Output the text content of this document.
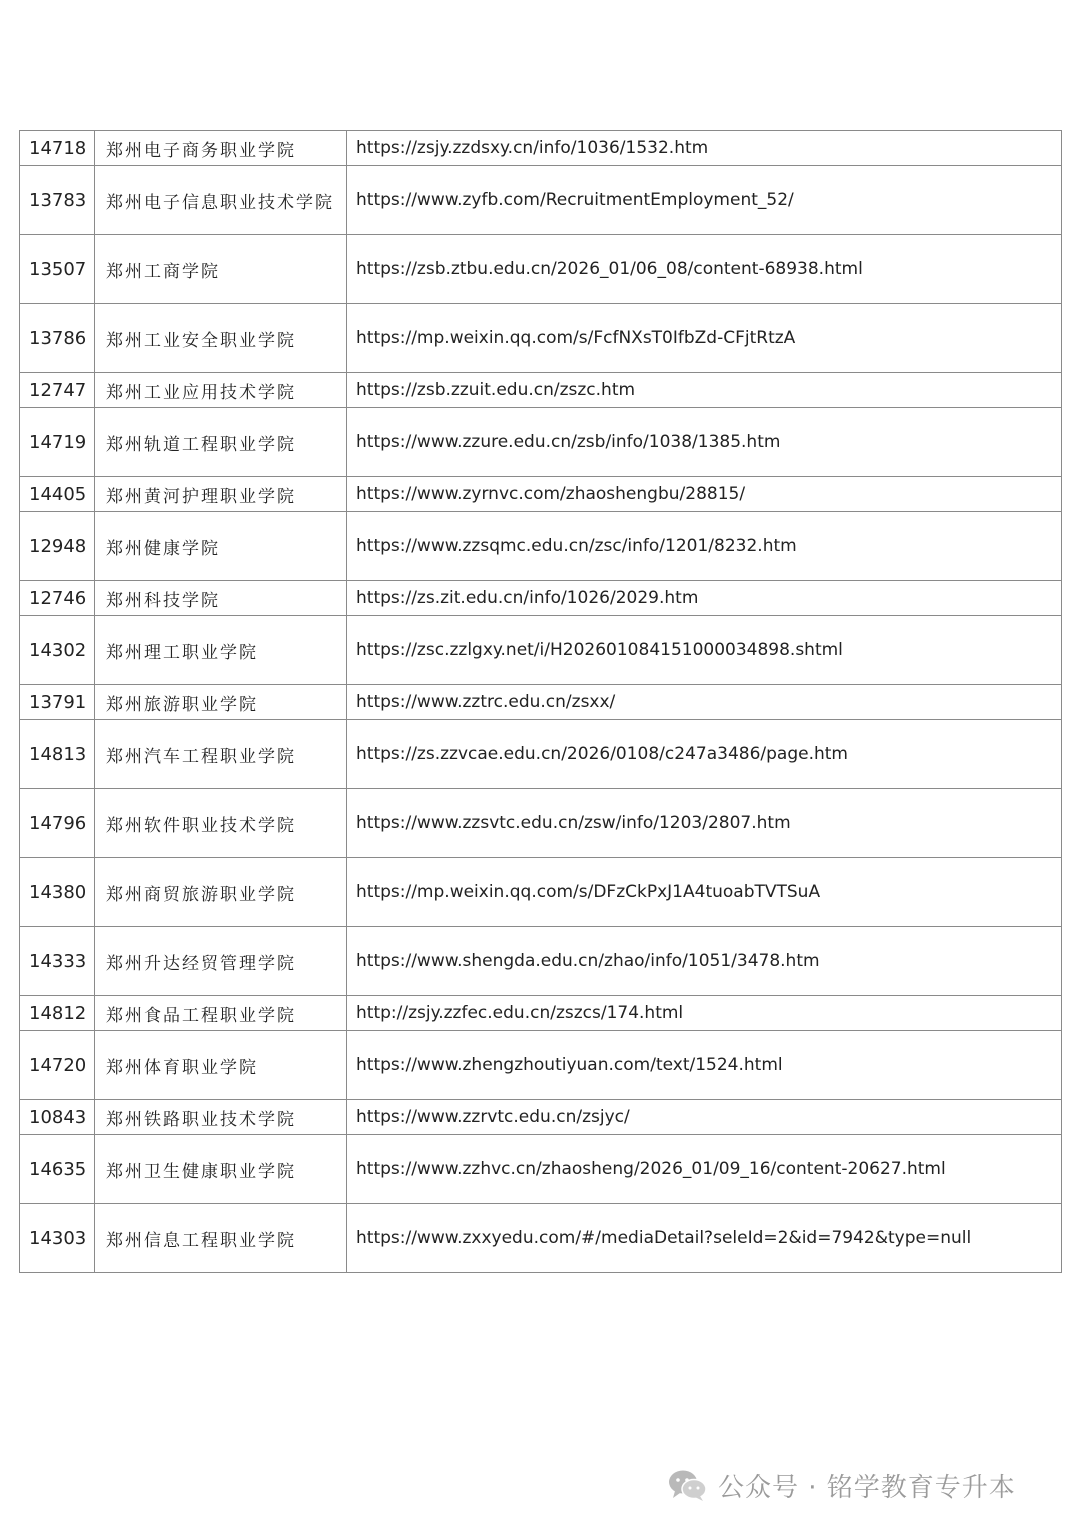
14718	郑州电子商务职业学院	https://zsjy.zzdsxy.cn/info/1036/1532.htm
13783	郑州电子信息职业技术学院	https://www.zyfb.com/RecruitmentEmployment_52/
13507	郑州工商学院	https://zsb.ztbu.edu.cn/2026_01/06_08/content-68938.html
13786	郑州工业安全职业学院	https://mp.weixin.qq.com/s/FcfNXsT0IfbZd-CFjtRtzA
12747	郑州工业应用技术学院	https://zsb.zzuit.edu.cn/zszc.htm
14719	郑州轨道工程职业学院	https://www.zzure.edu.cn/zsb/info/1038/1385.htm
14405	郑州黄河护理职业学院	https://www.zyrnvc.com/zhaoshengbu/28815/
12948	郑州健康学院	https://www.zzsqmc.edu.cn/zsc/info/1201/8232.htm
12746	郑州科技学院	https://zs.zit.edu.cn/info/1026/2029.htm
14302	郑州理工职业学院	https://zsc.zzlgxy.net/i/H202601084151000034898.shtml
13791	郑州旅游职业学院	https://www.zztrc.edu.cn/zsxx/
14813	郑州汽车工程职业学院	https://zs.zzvcae.edu.cn/2026/0108/c247a3486/page.htm
14796	郑州软件职业技术学院	https://www.zzsvtc.edu.cn/zsw/info/1203/2807.htm
14380	郑州商贸旅游职业学院	https://mp.weixin.qq.com/s/DFzCkPxJ1A4tuoabTVTSuA
14333	郑州升达经贸管理学院	https://www.shengda.edu.cn/zhao/info/1051/3478.htm
14812	郑州食品工程职业学院	http://zsjy.zzfec.edu.cn/zszcs/174.html
14720	郑州体育职业学院	https://www.zhengzhoutiyuan.com/text/1524.html
10843	郑州铁路职业技术学院	https://www.zzrvtc.edu.cn/zsjyc/
14635	郑州卫生健康职业学院	https://www.zzhvc.cn/zhaosheng/2026_01/09_16/content-20627.html
14303	郑州信息工程职业学院	https://www.zxxyedu.com/#/mediaDetail?seleId=2&id=7942&type=null
公众号 · 铭学教育专升本
